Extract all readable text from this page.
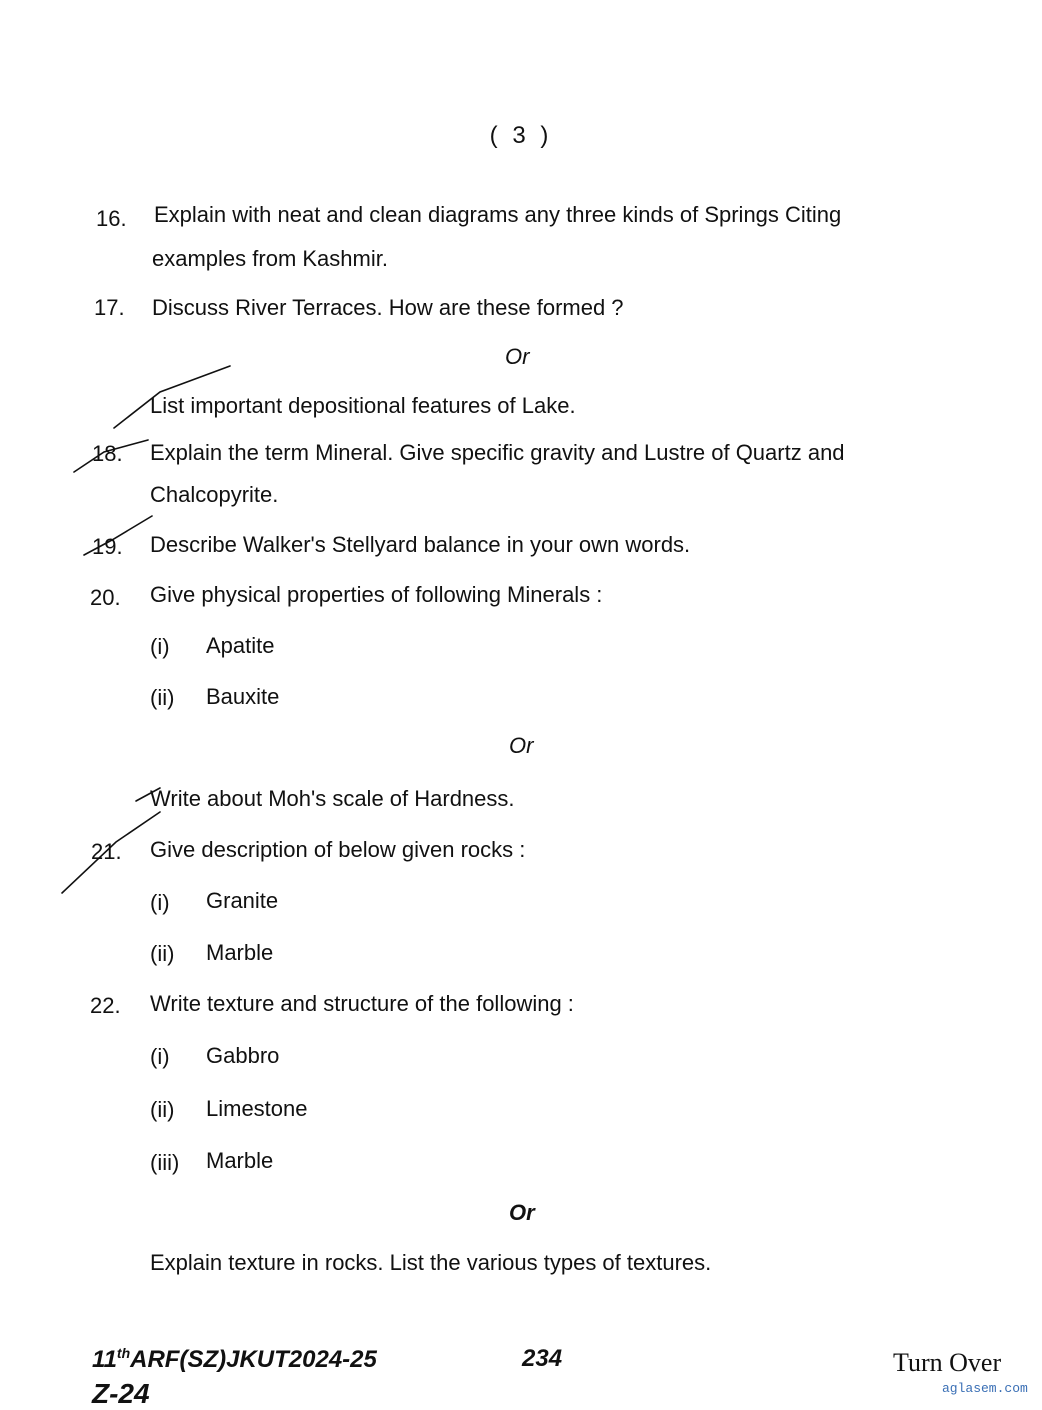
( 3 )
16. Explain with neat and clean diagrams any three kinds of Springs Citing
examples from Kashmir.
17. Discuss River Terraces. How are these formed ?
Or
List important depositional features of Lake.
18. Explain the term Mineral. Give specific gravity and Lustre of Quartz and
Chalcopyrite.
19. Describe Walker's Stellyard balance in your own words.
20. Give physical properties of following Minerals :
(i) Apatite
(ii) Bauxite
Or
Write about Moh's scale of Hardness.
21. Give description of below given rocks :
(i) Granite
(ii) Marble
22. Write texture and structure of the following :
(i) Gabbro
(ii) Limestone
(iii) Marble
Or
Explain texture in rocks. List the various types of textures.
11thARF(SZ)JKUT2024-25
Z-24
234	Turn Over
aglasem.com
